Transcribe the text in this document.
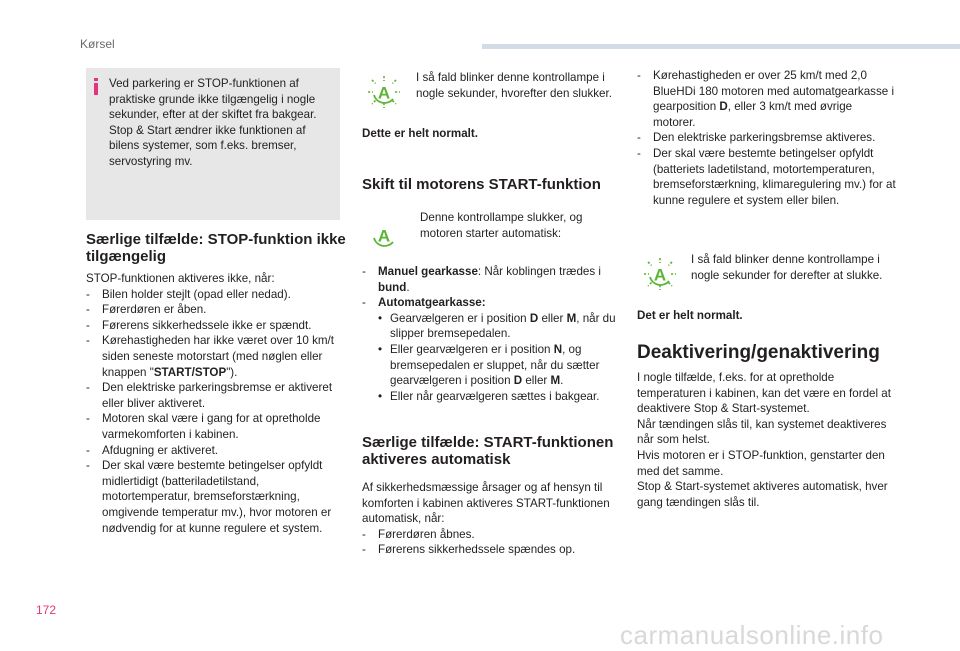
Kørsel
Ved parkering er STOP-funktionen af praktiske grunde ikke tilgængelig i nogle sekunder, efter at der skiftet fra bakgear. Stop & Start ændrer ikke funktionen af bilens systemer, som f.eks. bremser, servostyring mv.
Særlige tilfælde: STOP-funktion ikke tilgængelig
STOP-funktionen aktiveres ikke, når:
- Bilen holder stejlt (opad eller nedad).
- Førerdøren er åben.
- Førerens sikkerhedssele ikke er spændt.
- Kørehastigheden har ikke været over 10 km/t siden seneste motorstart (med nøglen eller knappen "START/STOP").
- Den elektriske parkeringsbremse er aktiveret eller bliver aktiveret.
- Motoren skal være i gang for at opretholde varmekomforten i kabinen.
- Afdugning er aktiveret.
- Der skal være bestemte betingelser opfyldt midlertidigt (batteriladetilstand, motortemperatur, bremseforstærkning, omgivende temperatur mv.), hvor motoren er nødvendig for at kunne regulere et system.
A
I så fald blinker denne kontrollampe i nogle sekunder, hvorefter den slukker.
Dette er helt normalt.
Skift til motorens START-funktion
A
Denne kontrollampe slukker, og motoren starter automatisk:
- Manuel gearkasse: Når koblingen trædes i bund.
- Automatgearkasse:
• Gearvælgeren er i position D eller M, når du slipper bremsepedalen.
• Eller gearvælgeren er i position N, og bremsepedalen er sluppet, når du sætter gearvælgeren i position D eller M.
• Eller når gearvælgeren sættes i bakgear.
Særlige tilfælde: START-funktionen aktiveres automatisk
Af sikkerhedsmæssige årsager og af hensyn til komforten i kabinen aktiveres START-funktionen automatisk, når:
- Førerdøren åbnes.
- Førerens sikkerhedssele spændes op.
- Kørehastigheden er over 25 km/t med 2,0 BlueHDi 180 motoren med automatgearkasse i gearposition D, eller 3 km/t med øvrige motorer.
- Den elektriske parkeringsbremse aktiveres.
- Der skal være bestemte betingelser opfyldt (batteriets ladetilstand, motortemperaturen, bremseforstærkning, klimaregulering mv.) for at kunne regulere et system eller bilen.
A
I så fald blinker denne kontrollampe i nogle sekunder for derefter at slukke.
Det er helt normalt.
Deaktivering/genaktivering
I nogle tilfælde, f.eks. for at opretholde temperaturen i kabinen, kan det være en fordel at deaktivere Stop & Start-systemet.
Når tændingen slås til, kan systemet deaktiveres når som helst.
Hvis motoren er i STOP-funktion, genstarter den med det samme.
Stop & Start-systemet aktiveres automatisk, hver gang tændingen slås til.
172
carmanualsonline.info
